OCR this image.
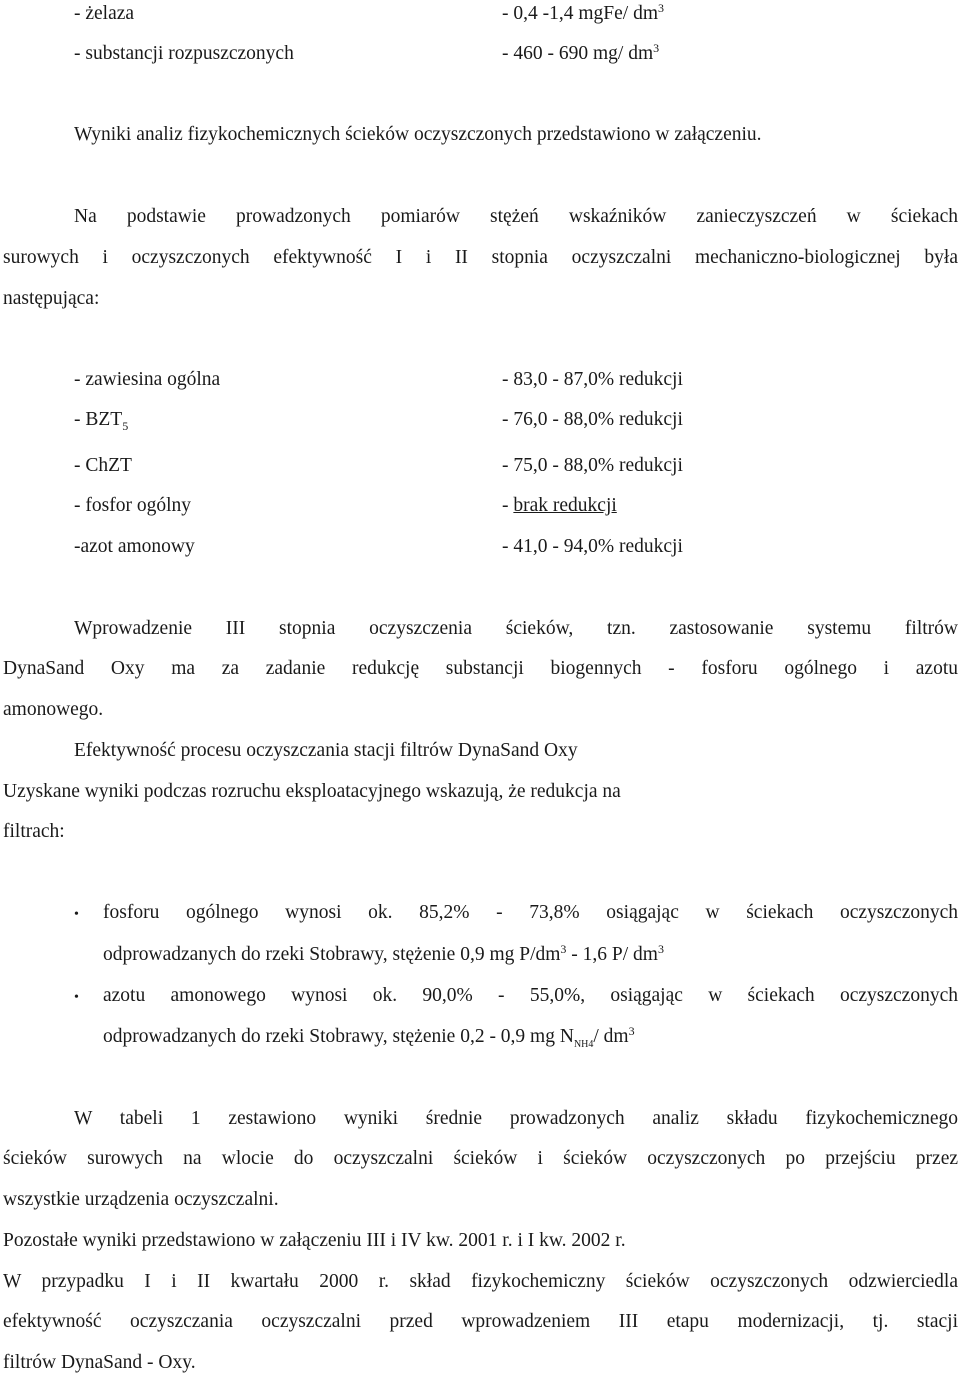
- żelaza	- 0,4 -1,4 mgFe/ $dm^3$
- substancji rozpuszczonych	- 460 - 690 mg/ $dm^3$
Wyniki analiz fizykochemicznych ścieków oczyszczonych przedstawiono w załączeniu.
Na podstawie prowadzonych pomiarów stężeń wskaźników zanieczyszczeń w ściekach
surowych i oczyszczonych efektywność I i II stopnia oczyszczalni mechaniczno-biologicznej była
następująca:
- zawiesina ogólna	- 83,0 - 87,0% redukcji
- $BZT_5$	- 76,0 - 88,0% redukcji
- ChZT	- 75,0 - 88,0% redukcji
- fosfor ogólny	- brak redukcji
-azot amonowy	- 41,0 - 94,0% redukcji
Wprowadzenie III stopnia oczyszczenia ścieków, tzn. zastosowanie systemu filtrów
DynaSand Oxy ma za zadanie redukcję substancji biogennych - fosforu ogólnego i azotu
amonowego.
Efektywność procesu oczyszczania stacji filtrów DynaSand Oxy
Uzyskane wyniki podczas rozruchu eksploatacyjnego wskazują, że redukcja na
filtrach:
• fosforu ogólnego wynosi ok. 85,2% - 73,8% osiągając w ściekach oczyszczonych
odprowadzanych do rzeki Stobrawy, stężenie 0,9 mg $P/dm^3 - 1,6$ P/ $dm^3$
• azotu amonowego wynosi ok. 90,0% - 55,0%, osiągając w ściekach oczyszczonych
odprowadzanych do rzeki Stobrawy, stężenie 0,2 - 0,9 mg $N_{NH4}/$ $dm^3$
W tabeli 1 zestawiono wyniki średnie prowadzonych analiz składu fizykochemicznego
ścieków surowych na wlocie do oczyszczalni ścieków i ścieków oczyszczonych po przejściu przez
wszystkie urządzenia oczyszczalni.
Pozostałe wyniki przedstawiono w załączeniu III i IV kw. 2001 r. i I kw. 2002 r.
W przypadku I i II kwartału 2000 r. skład fizykochemiczny ścieków oczyszczonych odzwierciedla
efektywność oczyszczania oczyszczalni przed wprowadzeniem III etapu modernizacji, tj. stacji
filtrów DynaSand - Oxy.
